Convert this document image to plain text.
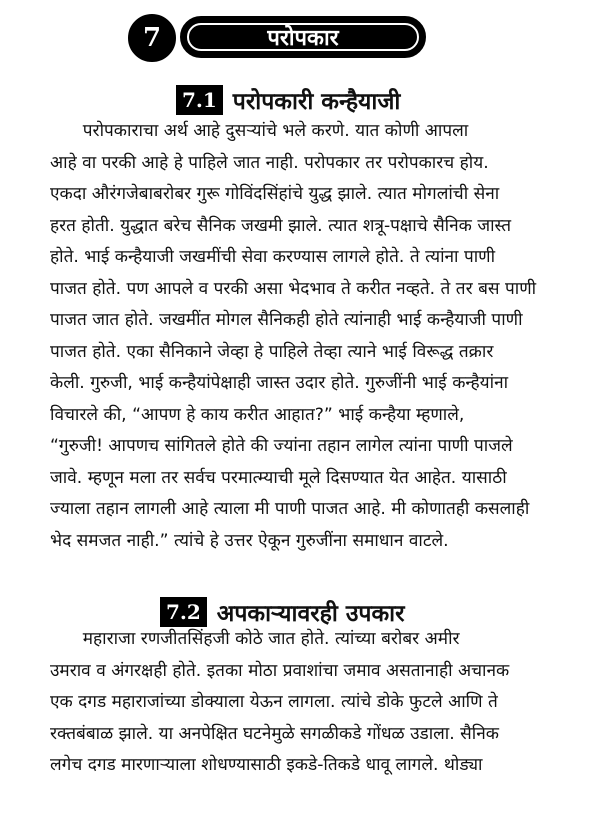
7	परोपकार
7.1 परोपकारी कन्हैयाजी
परोपकाराचा अर्थ आहे दुसऱ्यांचे भले करणे. यात कोणी आपला
आहे वा परकी आहे हे पाहिले जात नाही. परोपकार तर परोपकारच होय.
एकदा औरंगजेबाबरोबर गुरू गोविंदसिंहांचे युद्ध झाले. त्यात मोगलांची सेना
हरत होती. युद्धात बरेच सैनिक जखमी झाले. त्यात शत्रू-पक्षाचे सैनिक जास्त
होते. भाई कन्हैयाजी जखमींची सेवा करण्यास लागले होते. ते त्यांना पाणी
पाजत होते. पण आपले व परकी असा भेदभाव ते करीत नव्हते. ते तर बस पाणी
पाजत जात होते. जखमींत मोगल सैनिकही होते त्यांनाही भाई कन्हैयाजी पाणी
पाजत होते. एका सैनिकाने जेव्हा हे पाहिले तेव्हा त्याने भाई विरूद्ध तक्रार
केली. गुरुजी, भाई कन्हैयांपेक्षाही जास्त उदार होते. गुरुजींनी भाई कन्हैयांना
विचारले की, “आपण हे काय करीत आहात?” भाई कन्हैया म्हणाले,
“गुरुजी! आपणच सांगितले होते की ज्यांना तहान लागेल त्यांना पाणी पाजले
जावे. म्हणून मला तर सर्वच परमात्म्याची मूले दिसण्यात येत आहेत. यासाठी
ज्याला तहान लागली आहे त्याला मी पाणी पाजत आहे. मी कोणातही कसलाही
भेद समजत नाही.” त्यांचे हे उत्तर ऐकून गुरुजींना समाधान वाटले.
7.2 अपकाऱ्यावरही उपकार
महाराजा रणजीतसिंहजी कोठे जात होते. त्यांच्या बरोबर अमीर
उमराव व अंगरक्षही होते. इतका मोठा प्रवाशांचा जमाव असतानाही अचानक
एक दगड महाराजांच्या डोक्याला येऊन लागला. त्यांचे डोके फुटले आणि ते
रक्तबंबाळ झाले. या अनपेक्षित घटनेमुळे सगळीकडे गोंधळ उडाला. सैनिक
लगेच दगड मारणाऱ्याला शोधण्यासाठी इकडे-तिकडे धावू लागले. थोड्या
